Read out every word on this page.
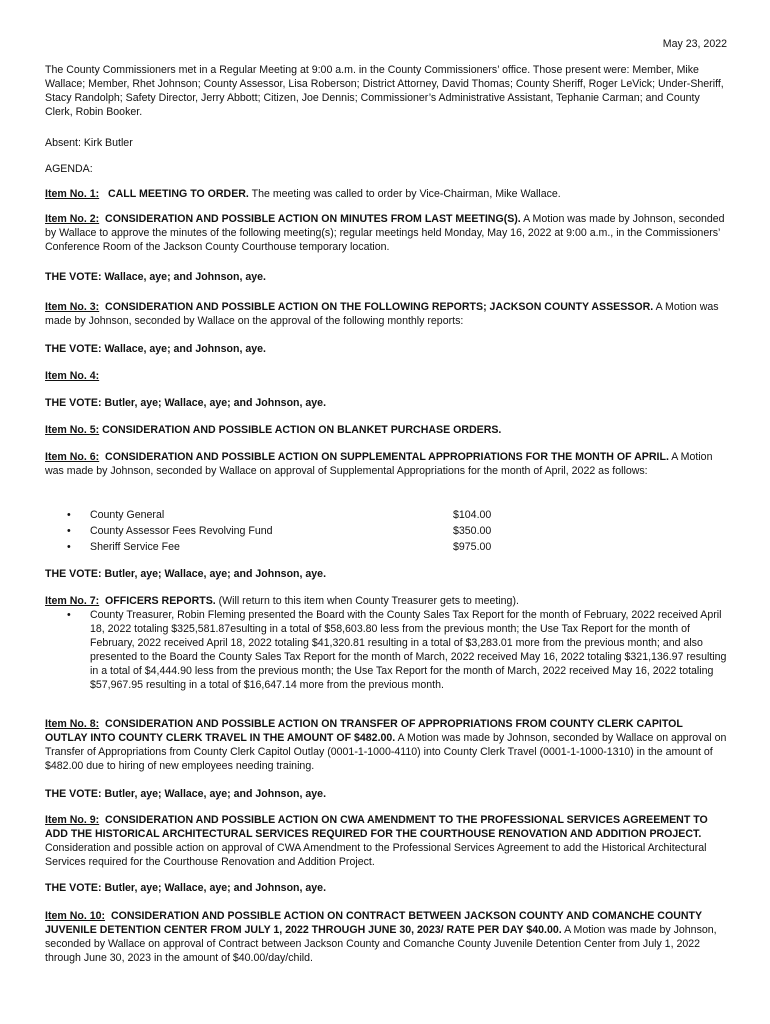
May 23, 2022

The County Commissioners met in a Regular Meeting at 9:00 a.m. in the County Commissioners’ office. Those present were: Member, Mike Wallace; Member, Rhet Johnson; County Assessor, Lisa Roberson; District Attorney, David Thomas; County Sheriff, Roger LeVick; Under-Sheriff, Stacy Randolph; Safety Director, Jerry Abbott; Citizen, Joe Dennis; Commissioner’s Administrative Assistant, Tephanie Carman; and County Clerk, Robin Booker.

Absent: Kirk Butler

AGENDA:

Item No. 1: CALL MEETING TO ORDER. The meeting was called to order by Vice-Chairman, Mike Wallace.

Item No. 2: CONSIDERATION AND POSSIBLE ACTION ON MINUTES FROM LAST MEETING(S). A Motion was made by Johnson, seconded by Wallace to approve the minutes of the following meeting(s); regular meetings held Monday, May 16, 2022 at 9:00 a.m., in the Commissioners’ Conference Room of the Jackson County Courthouse temporary location.

THE VOTE: Wallace, aye; and Johnson, aye.

Item No. 3: CONSIDERATION AND POSSIBLE ACTION ON THE FOLLOWING REPORTS; JACKSON COUNTY ASSESSOR. A Motion was made by Johnson, seconded by Wallace on the approval of the following monthly reports:

THE VOTE: Wallace, aye; and Johnson, aye.

Item No. 4:

THE VOTE: Butler, aye; Wallace, aye; and Johnson, aye.

Item No. 5: CONSIDERATION AND POSSIBLE ACTION ON BLANKET PURCHASE ORDERS.

Item No. 6: CONSIDERATION AND POSSIBLE ACTION ON SUPPLEMENTAL APPROPRIATIONS FOR THE MONTH OF APRIL. A Motion was made by Johnson, seconded by Wallace on approval of Supplemental Appropriations for the month of April, 2022 as follows:

• County General	$104.00
• County Assessor Fees Revolving Fund	$350.00
• Sheriff Service Fee	$975.00

THE VOTE: Butler, aye; Wallace, aye; and Johnson, aye.

Item No. 7: OFFICERS REPORTS. (Will return to this item when County Treasurer gets to meeting).

• County Treasurer, Robin Fleming presented the Board with the County Sales Tax Report for the month of February, 2022 received April 18, 2022 totaling $325,581.87esulting in a total of $58,603.80 less from the previous month; the Use Tax Report for the month of February, 2022 received April 18, 2022 totaling $41,320.81 resulting in a total of $3,283.01 more from the previous month; and also presented to the Board the County Sales Tax Report for the month of March, 2022 received May 16, 2022 totaling $321,136.97 resulting in a total of $4,444.90 less from the previous month; the Use Tax Report for the month of March, 2022 received May 16, 2022 totaling $57,967.95 resulting in a total of $16,647.14 more from the previous month.

Item No. 8: CONSIDERATION AND POSSIBLE ACTION ON TRANSFER OF APPROPRIATIONS FROM COUNTY CLERK CAPITOL OUTLAY INTO COUNTY CLERK TRAVEL IN THE AMOUNT OF $482.00. A Motion was made by Johnson, seconded by Wallace on approval on Transfer of Appropriations from County Clerk Capitol Outlay (0001-1-1000-4110) into County Clerk Travel (0001-1-1000-1310) in the amount of $482.00 due to hiring of new employees needing training.

THE VOTE: Butler, aye; Wallace, aye; and Johnson, aye.

Item No. 9: CONSIDERATION AND POSSIBLE ACTION ON CWA AMENDMENT TO THE PROFESSIONAL SERVICES AGREEMENT TO ADD THE HISTORICAL ARCHITECTURAL SERVICES REQUIRED FOR THE COURTHOUSE RENOVATION AND ADDITION PROJECT. Consideration and possible action on approval of CWA Amendment to the Professional Services Agreement to add the Historical Architectural Services required for the Courthouse Renovation and Addition Project.

THE VOTE: Butler, aye; Wallace, aye; and Johnson, aye.

Item No. 10: CONSIDERATION AND POSSIBLE ACTION ON CONTRACT BETWEEN JACKSON COUNTY AND COMANCHE COUNTY JUVENILE DETENTION CENTER FROM JULY 1, 2022 THROUGH JUNE 30, 2023/ RATE PER DAY $40.00. A Motion was made by Johnson, seconded by Wallace on approval of Contract between Jackson County and Comanche County Juvenile Detention Center from July 1, 2022 through June 30, 2023 in the amount of $40.00/day/child.
